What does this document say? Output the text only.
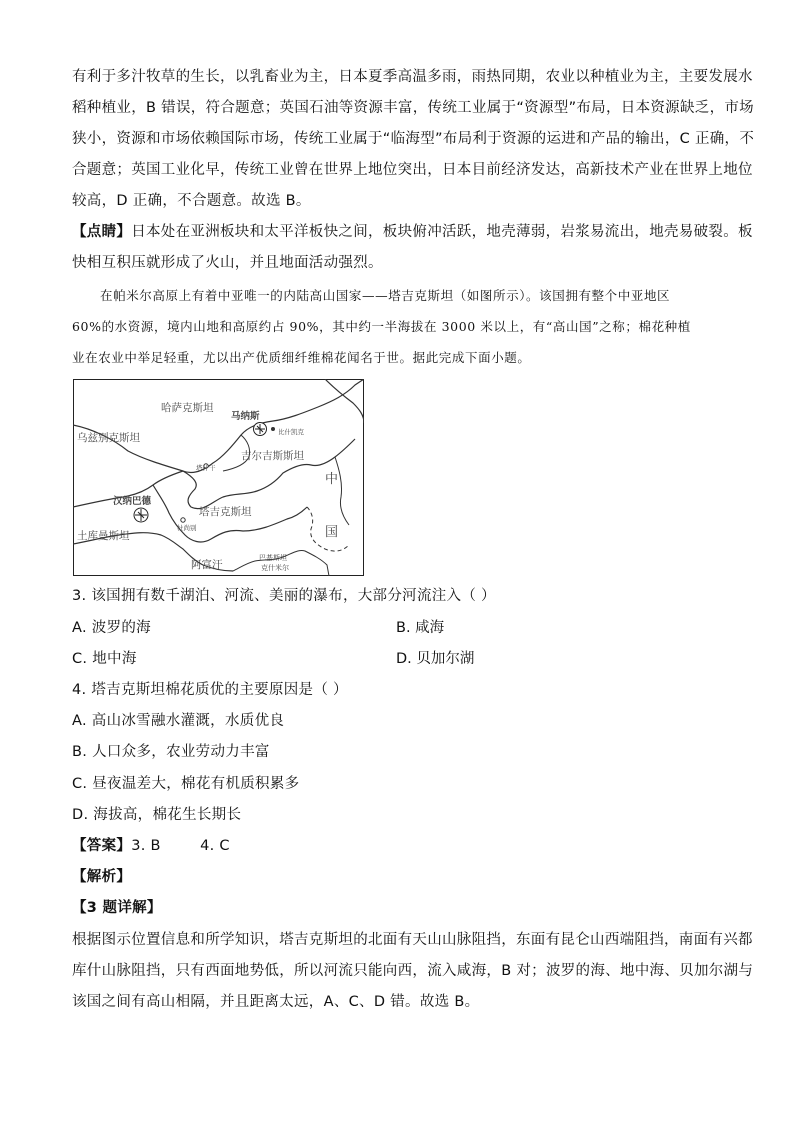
有利于多汁牧草的生长，以乳畜业为主，日本夏季高温多雨，雨热同期，农业以种植业为主，主要发展水
稻种植业，B 错误，符合题意；英国石油等资源丰富，传统工业属于“资源型”布局，日本资源缺乏，市场
狭小，资源和市场依赖国际市场，传统工业属于“临海型”布局利于资源的运进和产品的输出，C 正确，不
合题意；英国工业化早，传统工业曾在世界上地位突出，日本目前经济发达，高新技术产业在世界上地位
较高，D 正确，不合题意。故选 B。
【点睛】日本处在亚洲板块和太平洋板快之间，板块俯冲活跃，地壳薄弱，岩浆易流出，地壳易破裂。板
快相互积压就形成了火山，并且地面活动强烈。
在帕米尔高原上有着中亚唯一的内陆高山国家——塔吉克斯坦（如图所示）。该国拥有整个中亚地区
60%的水资源，境内山地和高原约占 90%，其中约一半海拔在 3000 米以上，有“高山国”之称；棉花种植
业在农业中举足轻重，尤以出产优质细纤维棉花闻名于世。据此完成下面小题。
哈萨克斯坦
马纳斯
比什凯克
吉尔吉斯斯坦
乌兹别克斯坦
塔什干
汉纳巴德
塔吉克斯坦
杜尚别
土库曼斯坦
阿富汗
巴基斯坦
克什米尔
中
国
3. 该国拥有数千湖泊、河流、美丽的瀑布，大部分河流注入（ ）
A. 波罗的海	B. 咸海
C. 地中海	D. 贝加尔湖
4. 塔吉克斯坦棉花质优的主要原因是（ ）
A. 高山冰雪融水灌溉，水质优良
B. 人口众多，农业劳动力丰富
C. 昼夜温差大，棉花有机质积累多
D. 海拔高，棉花生长期长
【答案】3. B        4. C
【解析】
【3 题详解】
根据图示位置信息和所学知识，塔吉克斯坦的北面有天山山脉阻挡，东面有昆仑山西端阻挡，南面有兴都
库什山脉阻挡，只有西面地势低，所以河流只能向西，流入咸海，B 对；波罗的海、地中海、贝加尔湖与
该国之间有高山相隔，并且距离太远，A、C、D 错。故选 B。
